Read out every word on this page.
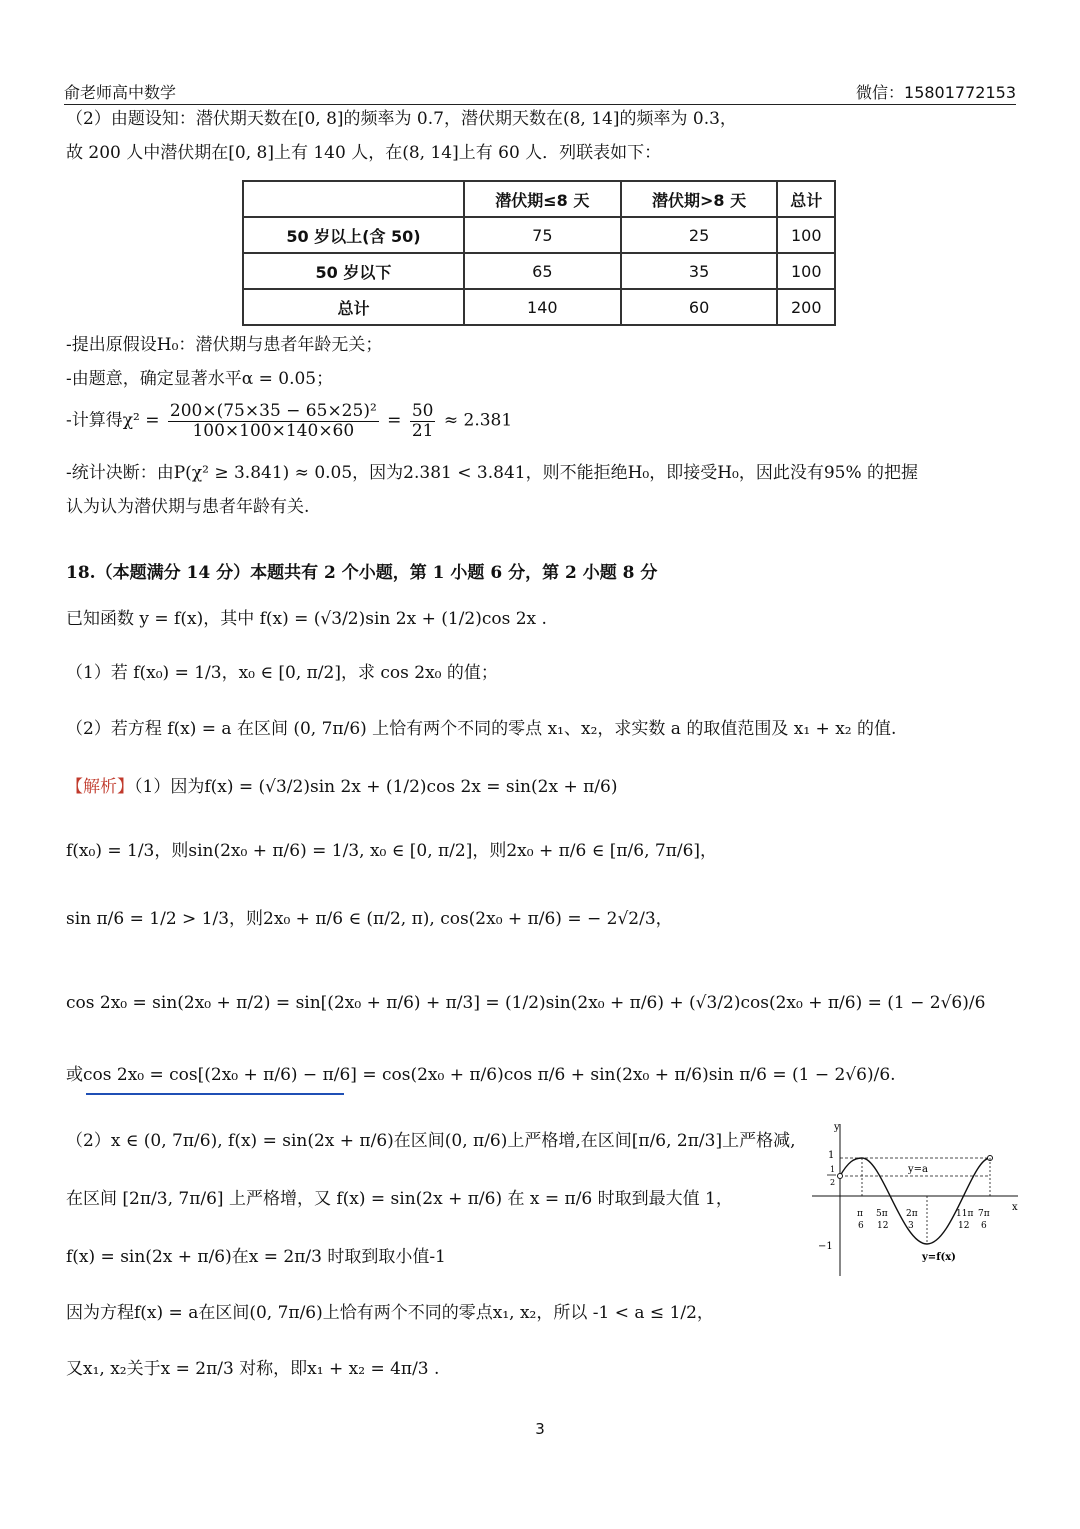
俞老师高中数学	微信：15801772153
（2）由题设知：潜伏期天数在[0, 8]的频率为 0.7，潜伏期天数在(8, 14]的频率为 0.3，
故 200 人中潜伏期在[0, 8]上有 140 人，在(8, 14]上有 60 人．列联表如下：
	潜伏期≤8 天	潜伏期>8 天	总计
50 岁以上(含 50)	75	25	100
50 岁以下	65	35	100
总计	140	60	200
-提出原假设H₀：潜伏期与患者年龄无关；
-由题意，确定显著水平α = 0.05；
-计算得$\chi^2 = \frac{\text{200×(75×35 − 65×25)²}}{100\times 100\times 140\times 60} = \frac{50}{21} \approx 2.381$
-统计决断：由P(χ² ≥ 3.841) ≈ 0.05，因为2.381 < 3.841，则不能拒绝H₀，即接受H₀，因此没有95% 的把握
认为认为潜伏期与患者年龄有关.
18.（本题满分 14 分）本题共有 2 个小题，第 1 小题 6 分，第 2 小题 8 分
已知函数 y = f(x)，其中 f(x) = (√3/2)sin 2x + (1/2)cos 2x .
（1）若 f(x₀) = 1/3，x₀ ∈ [0, π/2]，求 cos 2x₀ 的值；
（2）若方程 f(x) = a 在区间 (0, 7π/6) 上恰有两个不同的零点 x₁、x₂，求实数 a 的取值范围及 x₁ + x₂ 的值.
【解析】（1）因为f(x) = (√3/2)sin 2x + (1/2)cos 2x = sin(2x + π/6)
f(x₀) = 1/3，则sin(2x₀ + π/6) = 1/3, x₀ ∈ [0, π/2]，则2x₀ + π/6 ∈ [π/6, 7π/6]，
sin π/6 = 1/2 > 1/3，则2x₀ + π/6 ∈ (π/2, π), cos(2x₀ + π/6) = − 2√2/3，
cos 2x₀ = sin(2x₀ + π/2) = sin[(2x₀ + π/6) + π/3] = (1/2)sin(2x₀ + π/6) + (√3/2)cos(2x₀ + π/6) = (1 − 2√6)/6
或cos 2x₀ = cos[(2x₀ + π/6) − π/6] = cos(2x₀ + π/6)cos π/6 + sin(2x₀ + π/6)sin π/6 = (1 − 2√6)/6.
（2）x ∈ (0, 7π/6), f(x) = sin(2x + π/6)在区间(0, π/6)上严格增,在区间[π/6, 2π/3]上严格减,
在区间 [2π/3, 7π/6] 上严格增，又 f(x) = sin(2x + π/6) 在 x = π/6 时取到最大值 1，
f(x) = sin(2x + π/6)在x = 2π/3 时取到取小值-1
因为方程f(x) = a在区间(0, 7π/6)上恰有两个不同的零点x₁, x₂，所以 -1 < a ≤ 1/2，
又x₁, x₂关于x = 2π/3 对称，即x₁ + x₂ = 4π/3 .
y
x
1
1
2
−1
y=a
π
6
5π
12
2π
3
11π
12
7π
6
y=f(x)
3
